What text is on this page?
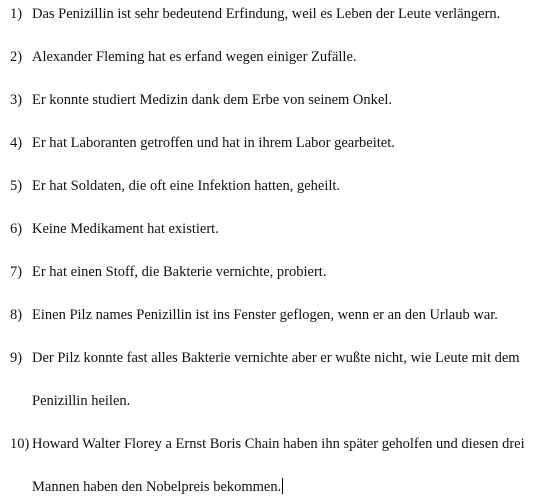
1) Das Penizillin ist sehr bedeutend Erfindung, weil es Leben der Leute verlängern.
2) Alexander Fleming hat es erfand wegen einiger Zufälle.
3) Er konnte studiert Medizin dank dem Erbe von seinem Onkel.
4) Er hat Laboranten getroffen und hat in ihrem Labor gearbeitet.
5) Er hat Soldaten, die oft eine Infektion hatten, geheilt.
6) Keine Medikament hat existiert.
7) Er hat einen Stoff, die Bakterie vernichte, probiert.
8) Einen Pilz names Penizillin ist ins Fenster geflogen, wenn er an den Urlaub war.
9) Der Pilz konnte fast alles Bakterie vernichte aber er wußte nicht, wie Leute mit dem
Penizillin heilen.
10) Howard Walter Florey a Ernst Boris Chain haben ihn später geholfen und diesen drei
Mannen haben den Nobelpreis bekommen.
